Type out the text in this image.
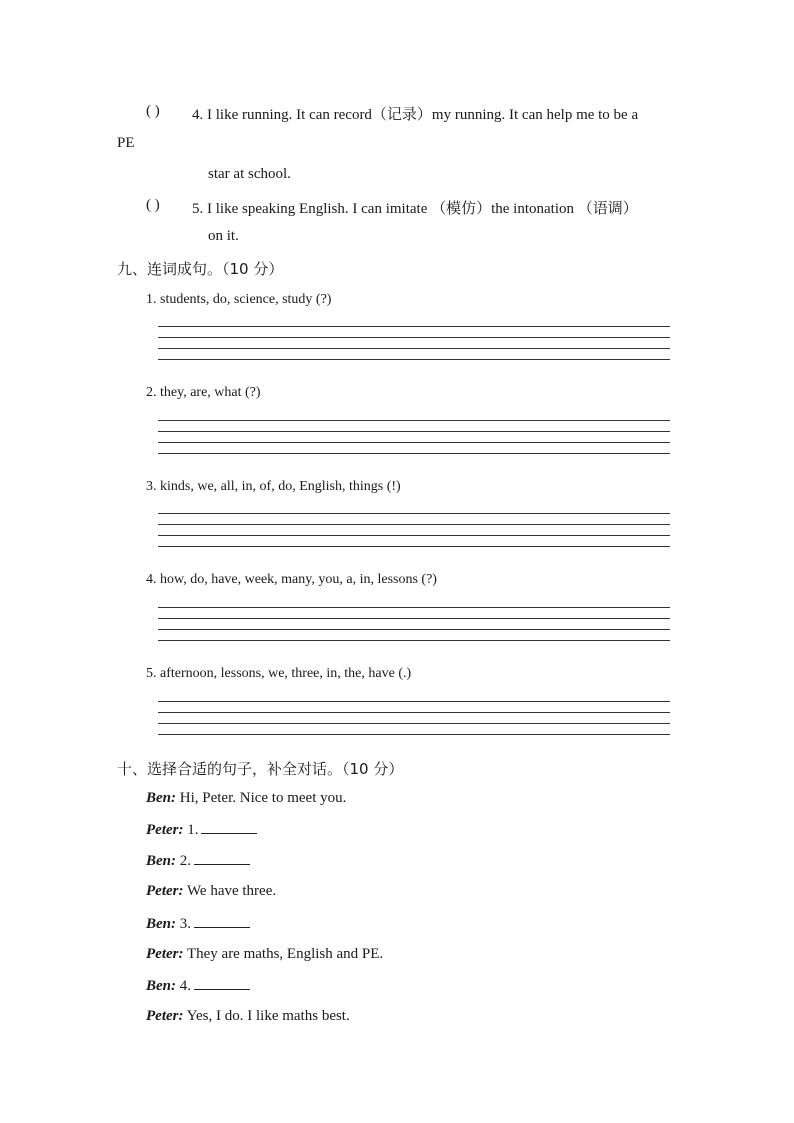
( ) 4. I like running. It can record（记录）my running. It can help me to be a
PE
star at school.
( ) 5. I like speaking English. I can imitate （模仿）the intonation （语调）
on it.
九、连词成句。（10 分）
1. students, do, science, study (?)
2. they, are, what (?)
3. kinds, we, all, in, of, do, English, things (!)
4. how, do, have, week, many, you, a, in, lessons (?)
5. afternoon, lessons, we, three, in, the, have (.)
十、选择合适的句子，补全对话。（10 分）
Ben: Hi, Peter. Nice to meet you.
Peter: 1.
Ben: 2.
Peter: We have three.
Ben: 3.
Peter: They are maths, English and PE.
Ben: 4.
Peter: Yes, I do. I like maths best.
